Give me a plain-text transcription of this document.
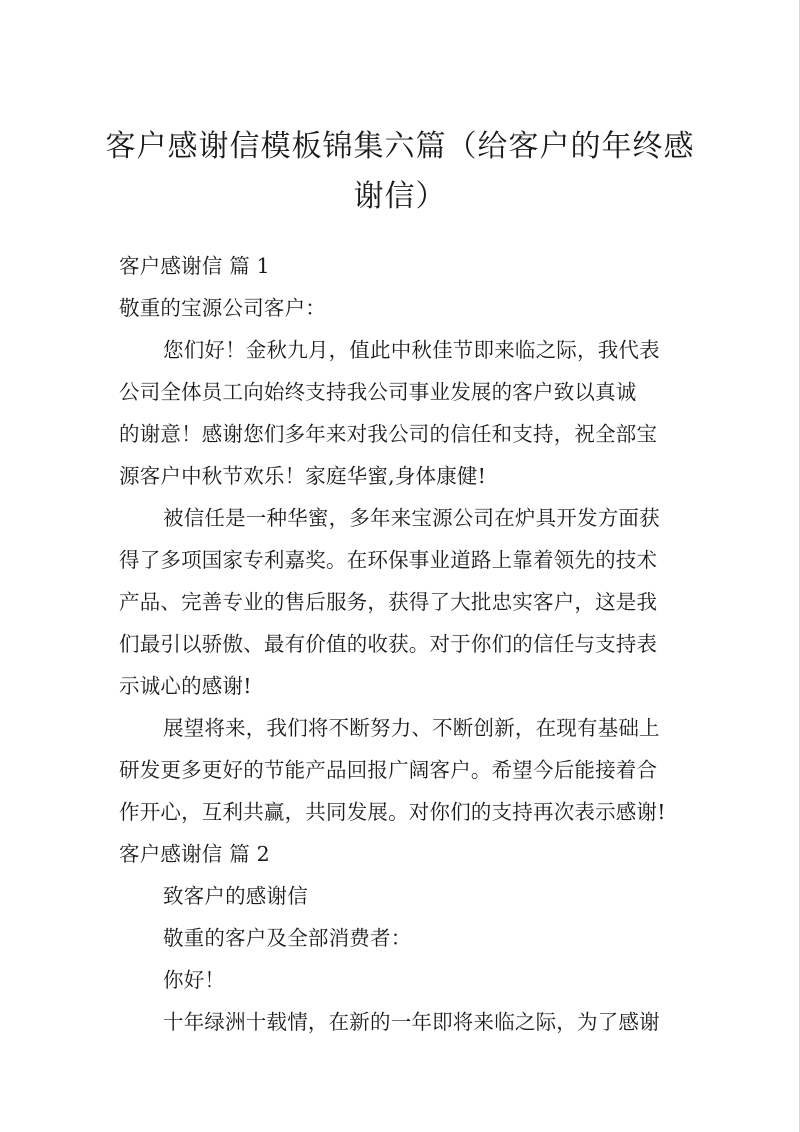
客户感谢信模板锦集六篇（给客户的年终感
谢信）
客户感谢信 篇 1
敬重的宝源公司客户：
您们好！金秋九月，值此中秋佳节即来临之际，我代表
公司全体员工向始终支持我公司事业发展的客户致以真诚
的谢意！感谢您们多年来对我公司的信任和支持，祝全部宝
源客户中秋节欢乐！家庭华蜜,身体康健!
被信任是一种华蜜，多年来宝源公司在炉具开发方面获
得了多项国家专利嘉奖。在环保事业道路上靠着领先的技术
产品、完善专业的售后服务，获得了大批忠实客户，这是我
们最引以骄傲、最有价值的收获。对于你们的信任与支持表
示诚心的感谢!
展望将来，我们将不断努力、不断创新，在现有基础上
研发更多更好的节能产品回报广阔客户。希望今后能接着合
作开心，互利共赢，共同发展。对你们的支持再次表示感谢!
客户感谢信 篇 2
致客户的感谢信
敬重的客户及全部消费者：
你好！
十年绿洲十载情，在新的一年即将来临之际，为了感谢
